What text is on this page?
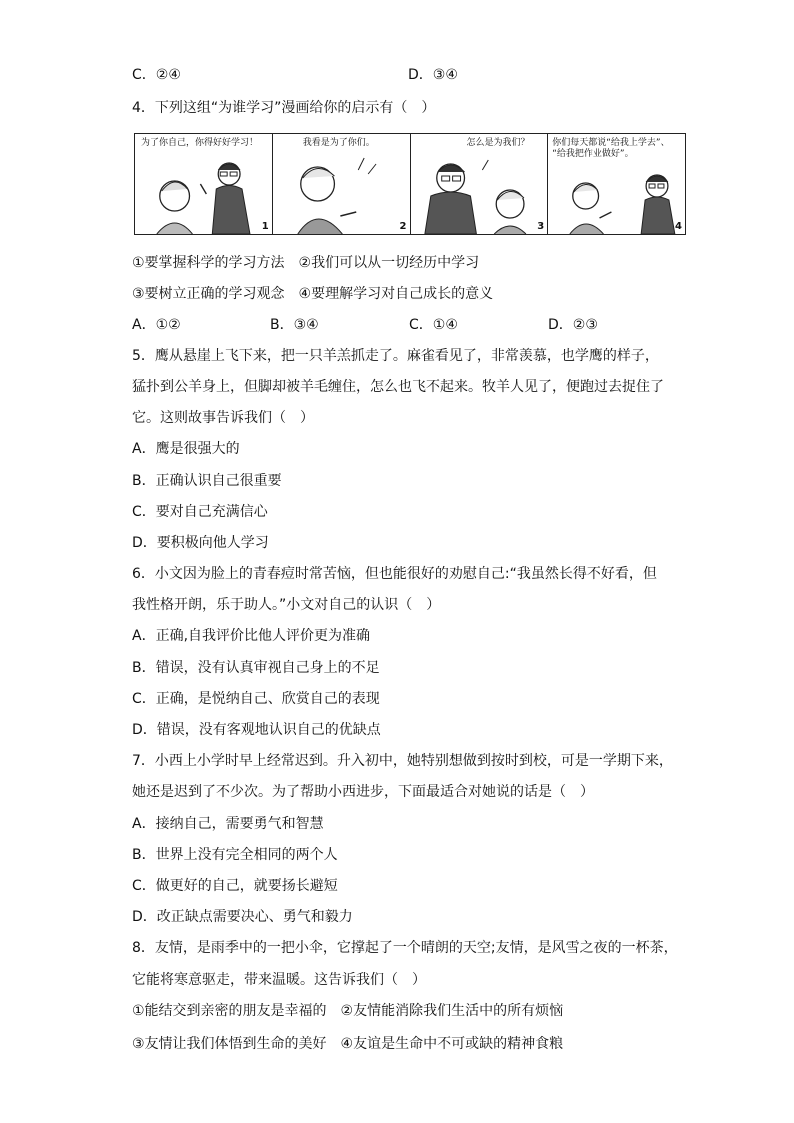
C．②④	D．③④
4．下列这组“为谁学习”漫画给你的启示有（　）
为了你自己，你得好好学习！
1
我看是为了你们。
2
怎么是为我们？
3
你们每天都说“给我上学去”、
“给我把作业做好”。
4
①要掌握科学的学习方法　②我们可以从一切经历中学习
③要树立正确的学习观念　④要理解学习对自己成长的意义
A．①②	B．③④	C．①④	D．②③
5．鹰从悬崖上飞下来，把一只羊羔抓走了。麻雀看见了，非常羡慕，也学鹰的样子，
猛扑到公羊身上，但脚却被羊毛缠住，怎么也飞不起来。牧羊人见了，便跑过去捉住了
它。这则故事告诉我们（　）
A．鹰是很强大的
B．正确认识自己很重要
C．要对自己充满信心
D．要积极向他人学习
6．小文因为脸上的青春痘时常苦恼，但也能很好的劝慰自己:“我虽然长得不好看，但
我性格开朗，乐于助人。”小文对自己的认识（　）
A．正确,自我评价比他人评价更为准确
B．错误，没有认真审视自己身上的不足
C．正确，是悦纳自己、欣赏自己的表现
D．错误，没有客观地认识自己的优缺点
7．小西上小学时早上经常迟到。升入初中，她特别想做到按时到校，可是一学期下来，
她还是迟到了不少次。为了帮助小西进步，下面最适合对她说的话是（　）
A．接纳自己，需要勇气和智慧
B．世界上没有完全相同的两个人
C．做更好的自己，就要扬长避短
D．改正缺点需要决心、勇气和毅力
8．友情，是雨季中的一把小伞，它撑起了一个晴朗的天空;友情，是风雪之夜的一杯茶，
它能将寒意驱走，带来温暖。这告诉我们（　）
①能结交到亲密的朋友是幸福的　②友情能消除我们生活中的所有烦恼
③友情让我们体悟到生命的美好　④友谊是生命中不可或缺的精神食粮
